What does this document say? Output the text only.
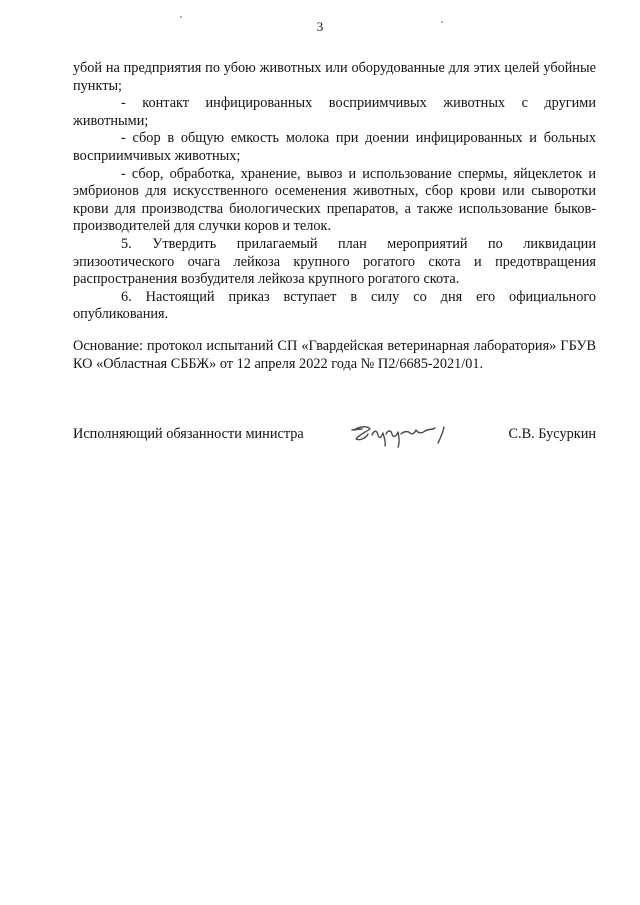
3

убой на предприятия по убою животных или оборудованные для этих целей убойные пункты;

- контакт инфицированных восприимчивых животных с другими животными;

- сбор в общую емкость молока при доении инфицированных и больных восприимчивых животных;

- сбор, обработка, хранение, вывоз и использование спермы, яйцеклеток и эмбрионов для искусственного осеменения животных, сбор крови или сыворотки крови для производства биологических препаратов, а также использование быков-производителей для случки коров и телок.

5. Утвердить прилагаемый план мероприятий по ликвидации эпизоотического очага лейкоза крупного рогатого скота и предотвращения распространения возбудителя лейкоза крупного рогатого скота.

6. Настоящий приказ вступает в силу со дня его официального опубликования.

Основание: протокол испытаний СП «Гвардейская ветеринарная лаборатория» ГБУВ КО «Областная СББЖ» от 12 апреля 2022 года № П2/6685-2021/01.

Исполняющий обязанности министра	С.В. Бусуркин
